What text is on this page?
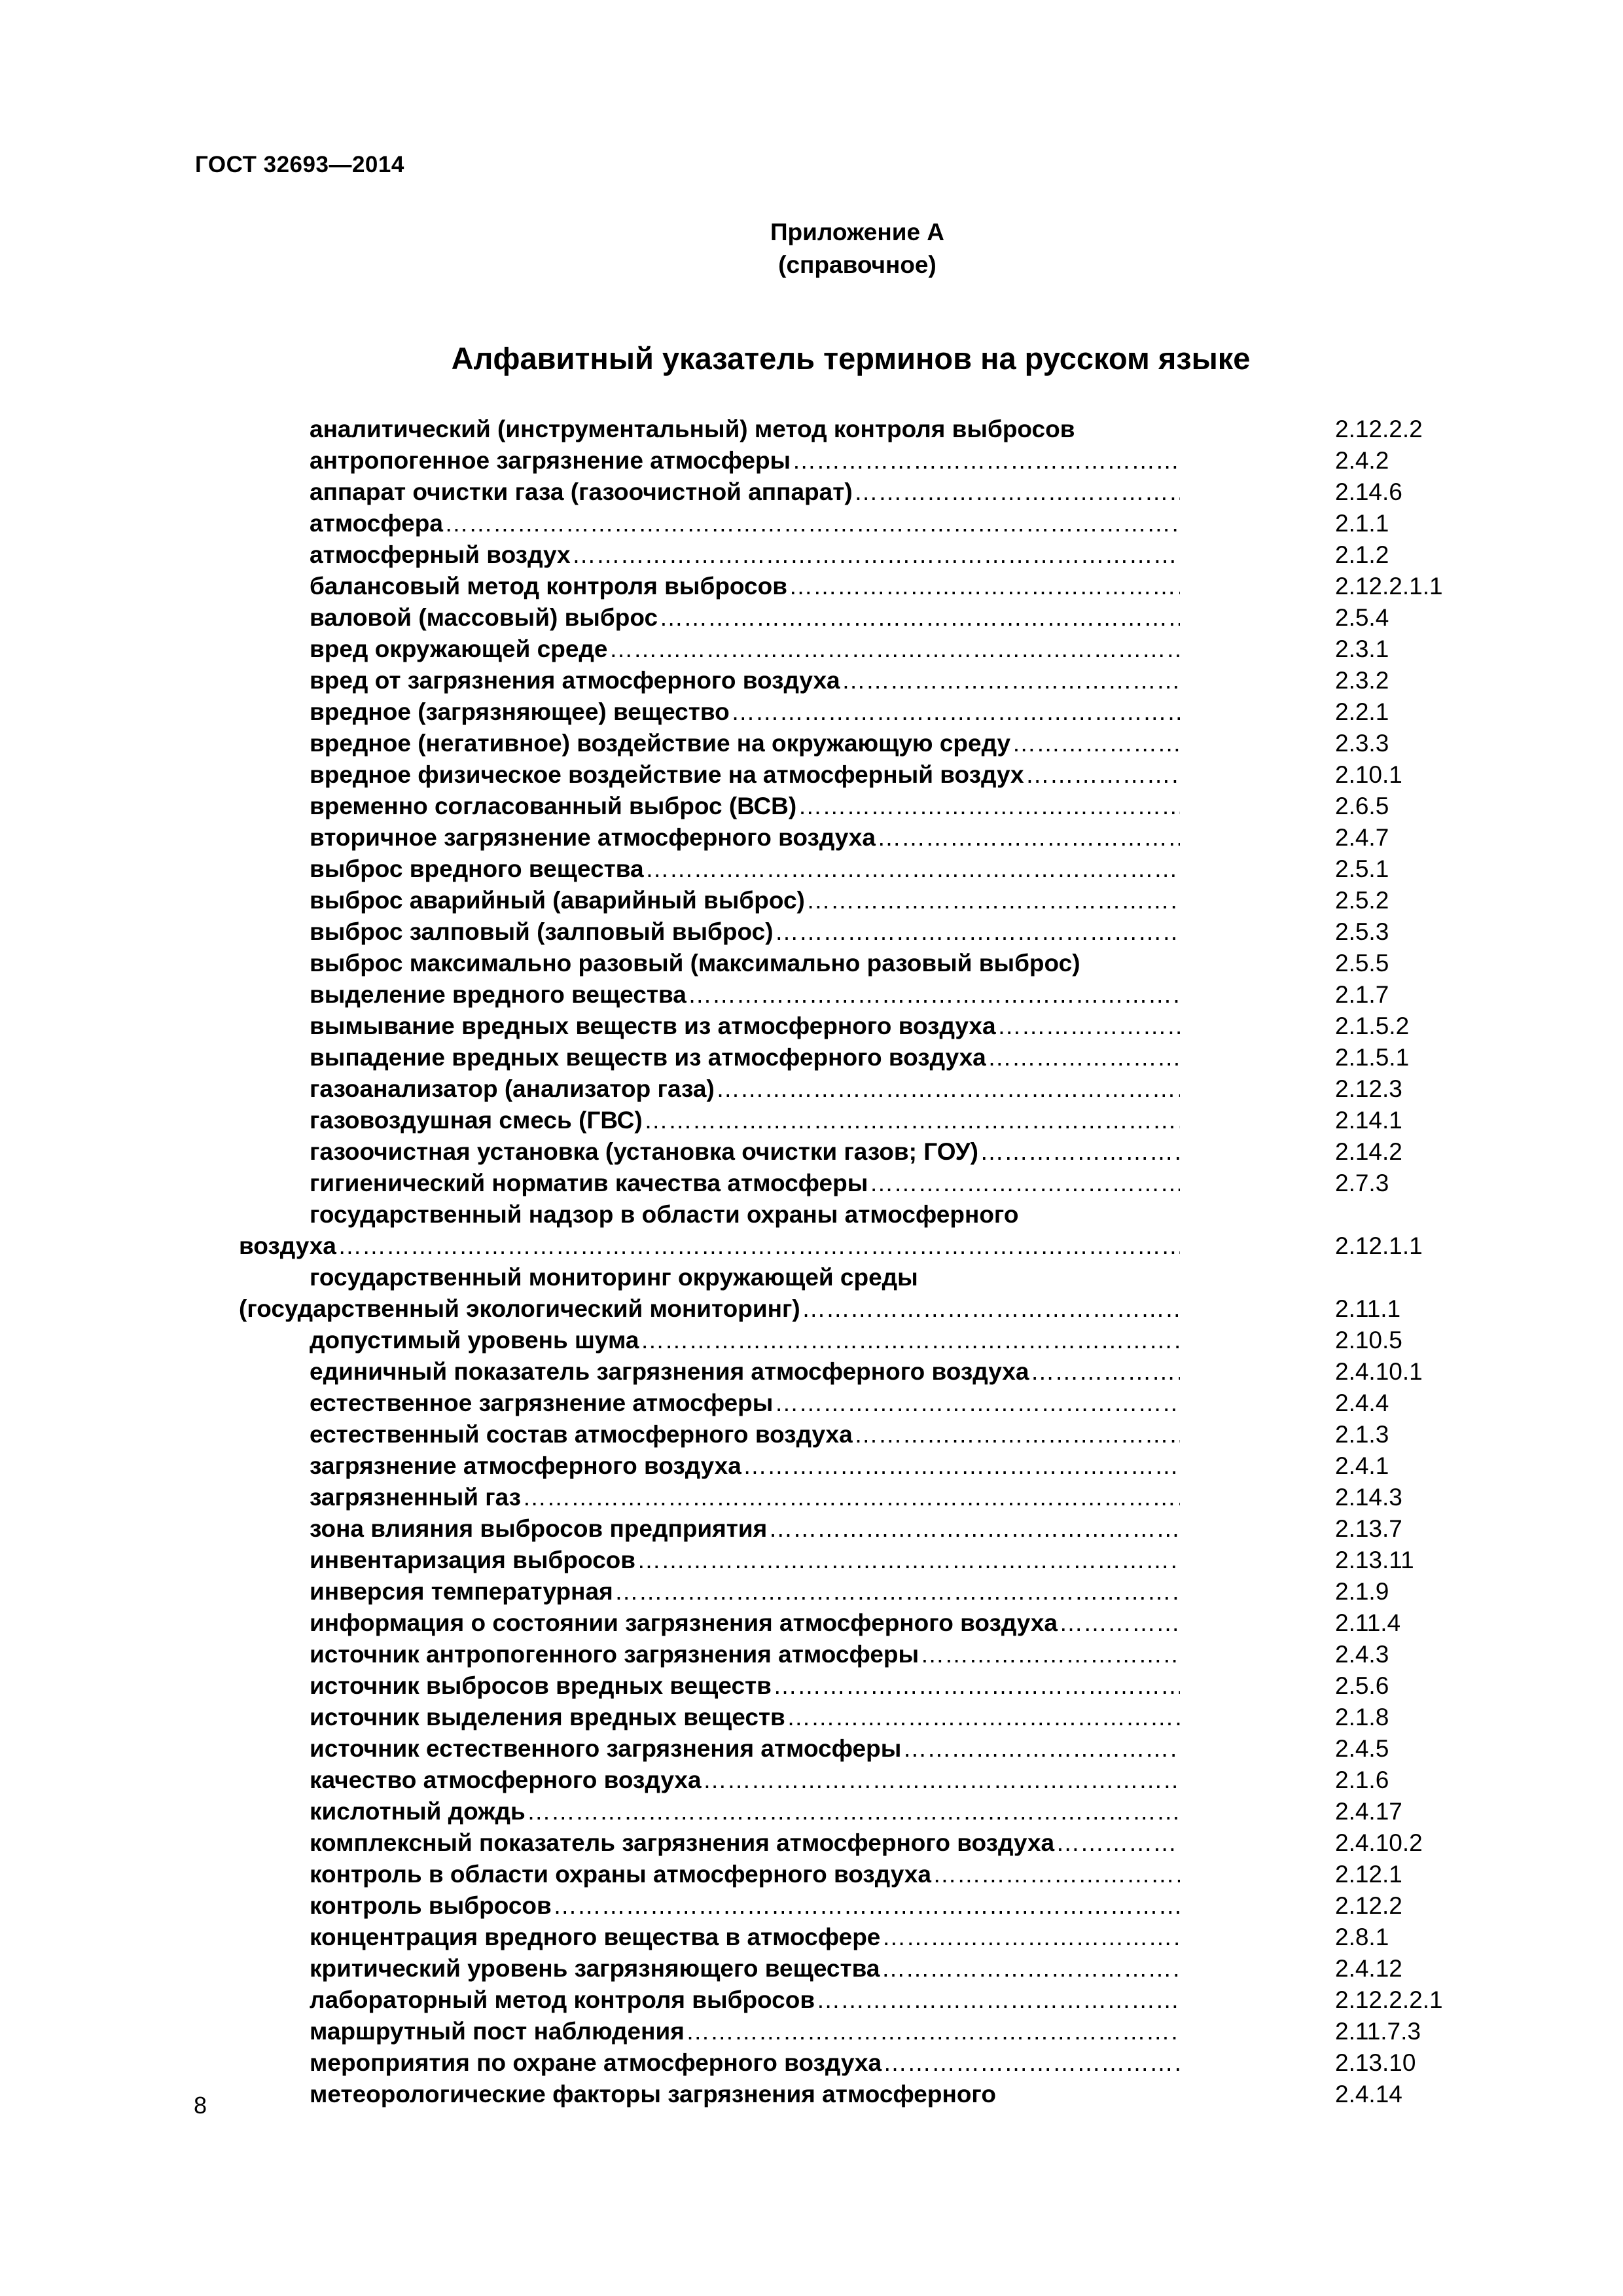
ГОСТ 32693—2014
Приложение А
(справочное)
Алфавитный указатель терминов на русском языке
аналитический (инструментальный) метод контроля выбросов	2.12.2.2
антропогенное загрязнение атмосферы ………………………………………………………………………………………………………………………………………………	2.4.2
аппарат очистки газа (газоочистной аппарат) ………………………………………………………………………………………………………………………………………………	2.14.6
атмосфера ………………………………………………………………………………………………………………………………………………	2.1.1
атмосферный воздух ………………………………………………………………………………………………………………………………………………	2.1.2
балансовый метод контроля выбросов ………………………………………………………………………………………………………………………………………………	2.12.2.1.1
валовой (массовый) выброс ………………………………………………………………………………………………………………………………………………	2.5.4
вред окружающей среде ………………………………………………………………………………………………………………………………………………	2.3.1
вред от загрязнения атмосферного воздуха ………………………………………………………………………………………………………………………………………………	2.3.2
вредное (загрязняющее) вещество ………………………………………………………………………………………………………………………………………………	2.2.1
вредное (негативное) воздействие на окружающую среду ………………………………………………………………………………………………………………………………………………	2.3.3
вредное физическое воздействие на атмосферный воздух ………………………………………………………………………………………………………………………………………………	2.10.1
временно согласованный выброс (ВСВ) ………………………………………………………………………………………………………………………………………………	2.6.5
вторичное загрязнение атмосферного воздуха ………………………………………………………………………………………………………………………………………………	2.4.7
выброс вредного вещества ………………………………………………………………………………………………………………………………………………	2.5.1
выброс аварийный (аварийный выброс) ………………………………………………………………………………………………………………………………………………	2.5.2
выброс залповый (залповый выброс) ………………………………………………………………………………………………………………………………………………	2.5.3
выброс максимально разовый (максимально разовый выброс)	2.5.5
выделение вредного вещества ………………………………………………………………………………………………………………………………………………	2.1.7
вымывание вредных веществ из атмосферного воздуха ………………………………………………………………………………………………………………………………………………	2.1.5.2
выпадение вредных веществ из атмосферного воздуха ………………………………………………………………………………………………………………………………………………	2.1.5.1
газоанализатор (анализатор газа) ………………………………………………………………………………………………………………………………………………	2.12.3
газовоздушная смесь (ГВС) ………………………………………………………………………………………………………………………………………………	2.14.1
газоочистная установка (установка очистки газов; ГОУ) ………………………………………………………………………………………………………………………………………………	2.14.2
гигиенический норматив качества атмосферы ………………………………………………………………………………………………………………………………………………	2.7.3
государственный надзор в области охраны атмосферного
воздуха ………………………………………………………………………………………………………………………………………………………………	2.12.1.1
государственный мониторинг окружающей среды
(государственный экологический мониторинг) ………………………………………………………………………………………………………………………………………………………………	2.11.1
допустимый уровень шума ………………………………………………………………………………………………………………………………………………	2.10.5
единичный показатель загрязнения атмосферного воздуха ………………………………………………………………………………………………………………………………………………	2.4.10.1
естественное загрязнение атмосферы ………………………………………………………………………………………………………………………………………………	2.4.4
естественный состав атмосферного воздуха ………………………………………………………………………………………………………………………………………………	2.1.3
загрязнение атмосферного воздуха ………………………………………………………………………………………………………………………………………………	2.4.1
загрязненный газ ………………………………………………………………………………………………………………………………………………	2.14.3
зона влияния выбросов предприятия ………………………………………………………………………………………………………………………………………………	2.13.7
инвентаризация выбросов ………………………………………………………………………………………………………………………………………………	2.13.11
инверсия температурная ………………………………………………………………………………………………………………………………………………	2.1.9
информация о состоянии загрязнения атмосферного воздуха ………………………………………………………………………………………………………………………………………………	2.11.4
источник антропогенного загрязнения атмосферы ………………………………………………………………………………………………………………………………………………	2.4.3
источник выбросов вредных веществ ………………………………………………………………………………………………………………………………………………	2.5.6
источник выделения вредных веществ ………………………………………………………………………………………………………………………………………………	2.1.8
источник естественного загрязнения атмосферы ………………………………………………………………………………………………………………………………………………	2.4.5
качество атмосферного воздуха ………………………………………………………………………………………………………………………………………………	2.1.6
кислотный дождь ………………………………………………………………………………………………………………………………………………	2.4.17
комплексный показатель загрязнения атмосферного воздуха ………………………………………………………………………………………………………………………………………………	2.4.10.2
контроль в области охраны атмосферного воздуха ………………………………………………………………………………………………………………………………………………	2.12.1
контроль выбросов ………………………………………………………………………………………………………………………………………………	2.12.2
концентрация вредного вещества в атмосфере ………………………………………………………………………………………………………………………………………………	2.8.1
критический уровень загрязняющего вещества ………………………………………………………………………………………………………………………………………………	2.4.12
лабораторный метод контроля выбросов ………………………………………………………………………………………………………………………………………………	2.12.2.2.1
маршрутный пост наблюдения ………………………………………………………………………………………………………………………………………………	2.11.7.3
мероприятия по охране атмосферного воздуха ………………………………………………………………………………………………………………………………………………	2.13.10
метеорологические факторы загрязнения атмосферного	2.4.14
8
